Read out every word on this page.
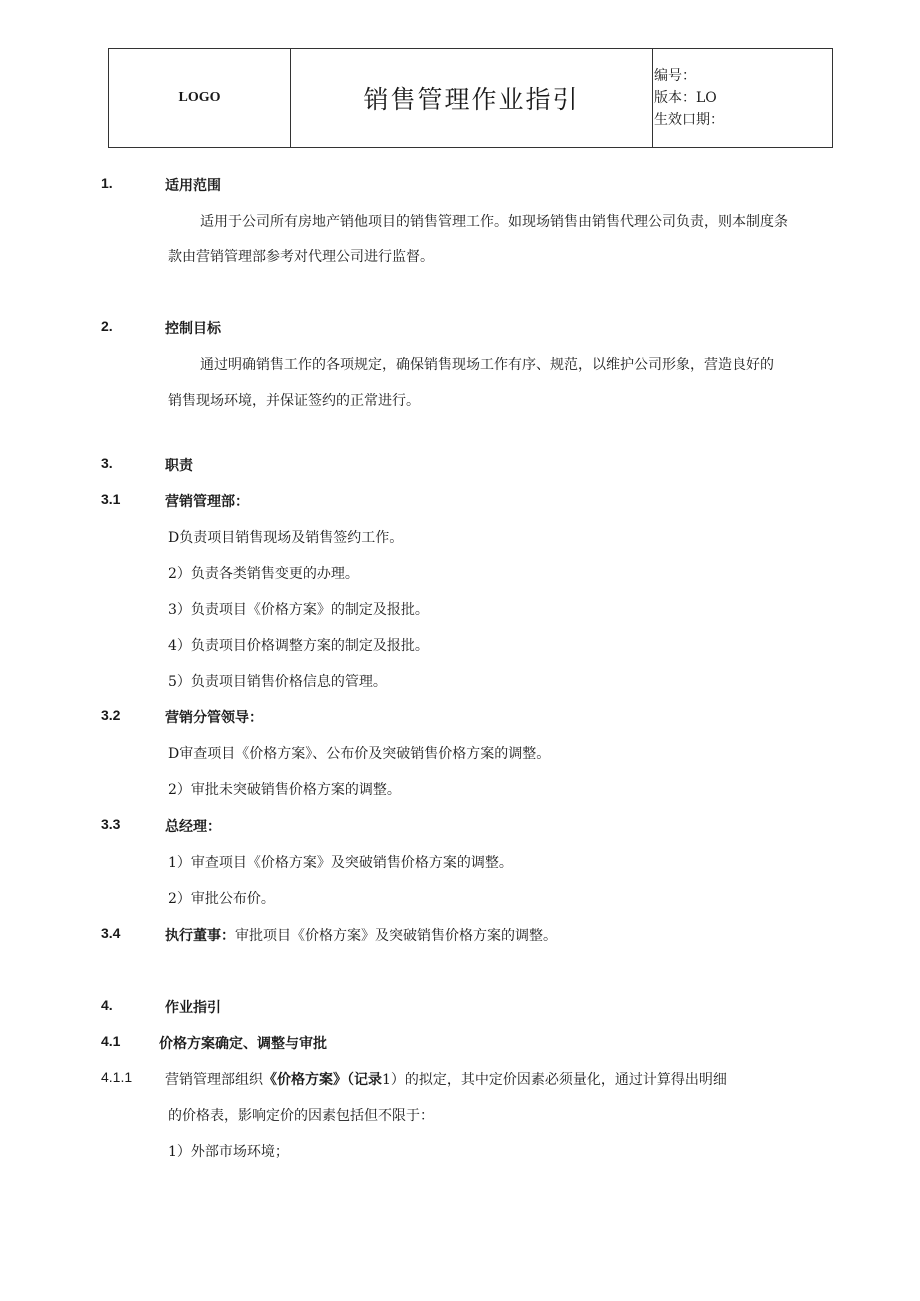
LOGO	销售管理作业指引
编号：
版本：LO
生效口期：
1.	适用范围
适用于公司所有房地产销他项目的销售管理工作。如现场销售由销售代理公司负责，则本制度条
款由营销管理部参考对代理公司进行监督。
2.	控制目标
通过明确销售工作的各项规定，确保销售现场工作有序、规范，以维护公司形象，营造良好的
销售现场环境，并保证签约的正常进行。
3.	职责
3.1	营销管理部：
D负责项目销售现场及销售签约工作。
2）负责各类销售变更的办理。
3）负责项目《价格方案》的制定及报批。
4）负责项目价格调整方案的制定及报批。
5）负责项目销售价格信息的管理。
3.2	营销分管领导：
D审查项目《价格方案》、公布价及突破销售价格方案的调整。
2）审批未突破销售价格方案的调整。
3.3	总经理：
1）审查项目《价格方案》及突破销售价格方案的调整。
2）审批公布价。
3.4	执行董事：审批项目《价格方案》及突破销售价格方案的调整。
4.	作业指引
4.1	价格方案确定、调整与审批
4.1.1 营销管理部组织《价格方案》（记录1）的拟定，其中定价因素必须量化，通过计算得出明细
的价格表，影响定价的因素包括但不限于：
1）外部市场环境；
